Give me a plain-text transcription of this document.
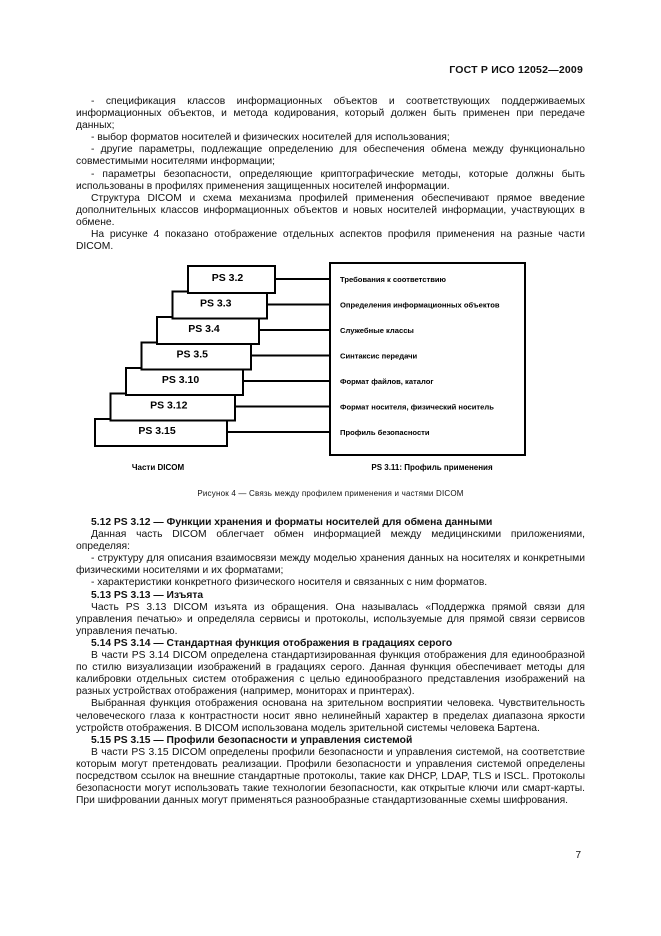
ГОСТ Р ИСО 12052—2009

- спецификация классов информационных объектов и соответствующих поддерживаемых информационных объектов, и метода кодирования, который должен быть применен при передаче данных;

- выбор форматов носителей и физических носителей для использования;

- другие параметры, подлежащие определению для обеспечения обмена между функционально совместимыми носителями информации;

- параметры безопасности, определяющие криптографические методы, которые должны быть использованы в профилях применения защищенных носителей информации.

Структура DICOM и схема механизма профилей применения обеспечивают прямое введение дополнительных классов информационных объектов и новых носителей информации, участвующих в обмене.

На рисунке 4 показано отображение отдельных аспектов профиля применения на разные части DICOM.

PS 3.15
PS 3.12
PS 3.10
PS 3.5
PS 3.4
PS 3.3
PS 3.2	Требования к соответствию
Определения информационных объектов
Служебные классы
Синтаксис передачи
Формат файлов, каталог
Формат носителя, физический носитель
Профиль безопасности
Части DICOM	PS 3.11: Профиль применения
Рисунок 4 — Связь между профилем применения и частями DICOM

5.12 PS 3.12 — Функции хранения и форматы носителей для обмена данными

Данная часть DICOM облегчает обмен информацией между медицинскими приложениями, определяя:

- структуру для описания взаимосвязи между моделью хранения данных на носителях и конкретными физическими носителями и их форматами;

- характеристики конкретного физического носителя и связанных с ним форматов.

5.13 PS 3.13 — Изъята

Часть PS 3.13 DICOM изъята из обращения. Она называлась «Поддержка прямой связи для управления печатью» и определяла сервисы и протоколы, используемые для прямой связи сервисов управления печатью.

5.14 PS 3.14 — Стандартная функция отображения в градациях серого

В части PS 3.14 DICOM определена стандартизированная функция отображения для единообразной по стилю визуализации изображений в градациях серого. Данная функция обеспечивает методы для калибровки отдельных систем отображения с целью единообразного представления изображений на разных устройствах отображения (например, мониторах и принтерах).

Выбранная функция отображения основана на зрительном восприятии человека. Чувствительность человеческого глаза к контрастности носит явно нелинейный характер в пределах диапазона яркости устройств отображения. В DICOM использована модель зрительной системы человека Бартена.

5.15 PS 3.15 — Профили безопасности и управления системой

В части PS 3.15 DICOM определены профили безопасности и управления системой, на соответствие которым могут претендовать реализации. Профили безопасности и управления системой определены посредством ссылок на внешние стандартные протоколы, такие как DHCP, LDAP, TLS и ISCL. Протоколы безопасности могут использовать такие технологии безопасности, как открытые ключи или смарт-карты. При шифровании данных могут применяться разнообразные стандартизованные схемы шифрования.

7
